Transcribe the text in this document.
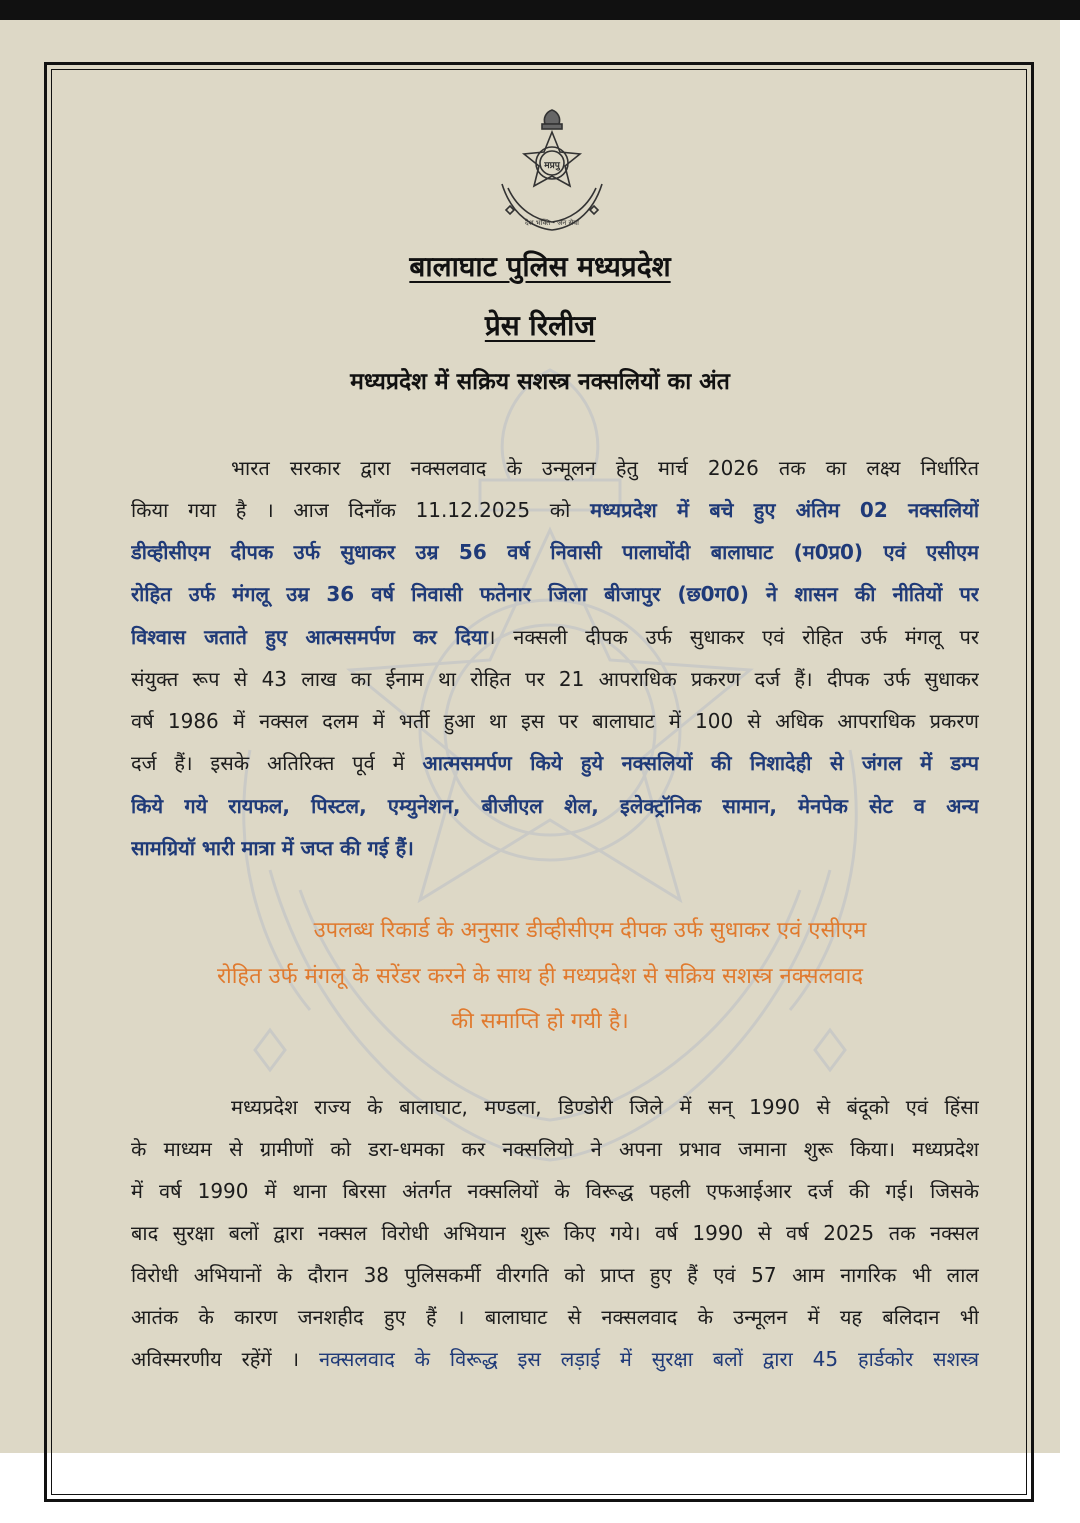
मप्रपु
देश भक्ति - जन सेवा
बालाघाट पुलिस मध्यप्रदेश
प्रेस रिलीज
मध्यप्रदेश में सक्रिय सशस्त्र नक्सलियों का अंत
भारत सरकार द्वारा नक्सलवाद के उन्मूलन हेतु मार्च 2026 तक का लक्ष्य निर्धारित
किया गया है । आज दिनाँक 11.12.2025 को मध्यप्रदेश में बचे हुए अंतिम 02 नक्सलियों
डीव्हीसीएम दीपक उर्फ सुधाकर उम्र 56 वर्ष निवासी पालाघोंदी बालाघाट (म0प्र0) एवं एसीएम
रोहित उर्फ मंगलू उम्र 36 वर्ष निवासी फतेनार जिला बीजापुर (छ0ग0) ने शासन की नीतियों पर
विश्वास जताते हुए आत्मसमर्पण कर दिया। नक्सली दीपक उर्फ सुधाकर एवं रोहित उर्फ मंगलू पर
संयुक्त रूप से 43 लाख का ईनाम था रोहित पर 21 आपराधिक प्रकरण दर्ज हैं। दीपक उर्फ सुधाकर
वर्ष 1986 में नक्सल दलम में भर्ती हुआ था इस पर बालाघाट में 100 से अधिक आपराधिक प्रकरण
दर्ज हैं। इसके अतिरिक्त पूर्व में आत्मसमर्पण किये हुये नक्सलियों की निशादेही से जंगल में डम्प
किये गये रायफल, पिस्टल, एम्युनेशन, बीजीएल शेल, इलेक्ट्रॉनिक सामान, मेनपेक सेट व अन्य
सामग्रियॉ भारी मात्रा में जप्त की गई हैं।
उपलब्ध रिकार्ड के अनुसार डीव्हीसीएम दीपक उर्फ सुधाकर एवं एसीएम
रोहित उर्फ मंगलू के सरेंडर करने के साथ ही मध्यप्रदेश से सक्रिय सशस्त्र नक्सलवाद
की समाप्ति हो गयी है।
मध्यप्रदेश राज्य के बालाघाट, मण्डला, डिण्डोरी जिले में सन् 1990 से बंदूको एवं हिंसा
के माध्यम से ग्रामीणों को डरा-धमका कर नक्सलियो ने अपना प्रभाव जमाना शुरू किया। मध्यप्रदेश
में वर्ष 1990 में थाना बिरसा अंतर्गत नक्सलियों के विरूद्ध पहली एफआईआर दर्ज की गई। जिसके
बाद सुरक्षा बलों द्वारा नक्सल विरोधी अभियान शुरू किए गये। वर्ष 1990 से वर्ष 2025 तक नक्सल
विरोधी अभियानों के दौरान 38 पुलिसकर्मी वीरगति को प्राप्त हुए हैं एवं 57 आम नागरिक भी लाल
आतंक के कारण जनशहीद हुए हैं । बालाघाट से नक्सलवाद के उन्मूलन में यह बलिदान भी
अविस्मरणीय रहेंगें । नक्सलवाद के विरूद्ध इस लड़ाई में सुरक्षा बलों द्वारा 45 हार्डकोर सशस्त्र
